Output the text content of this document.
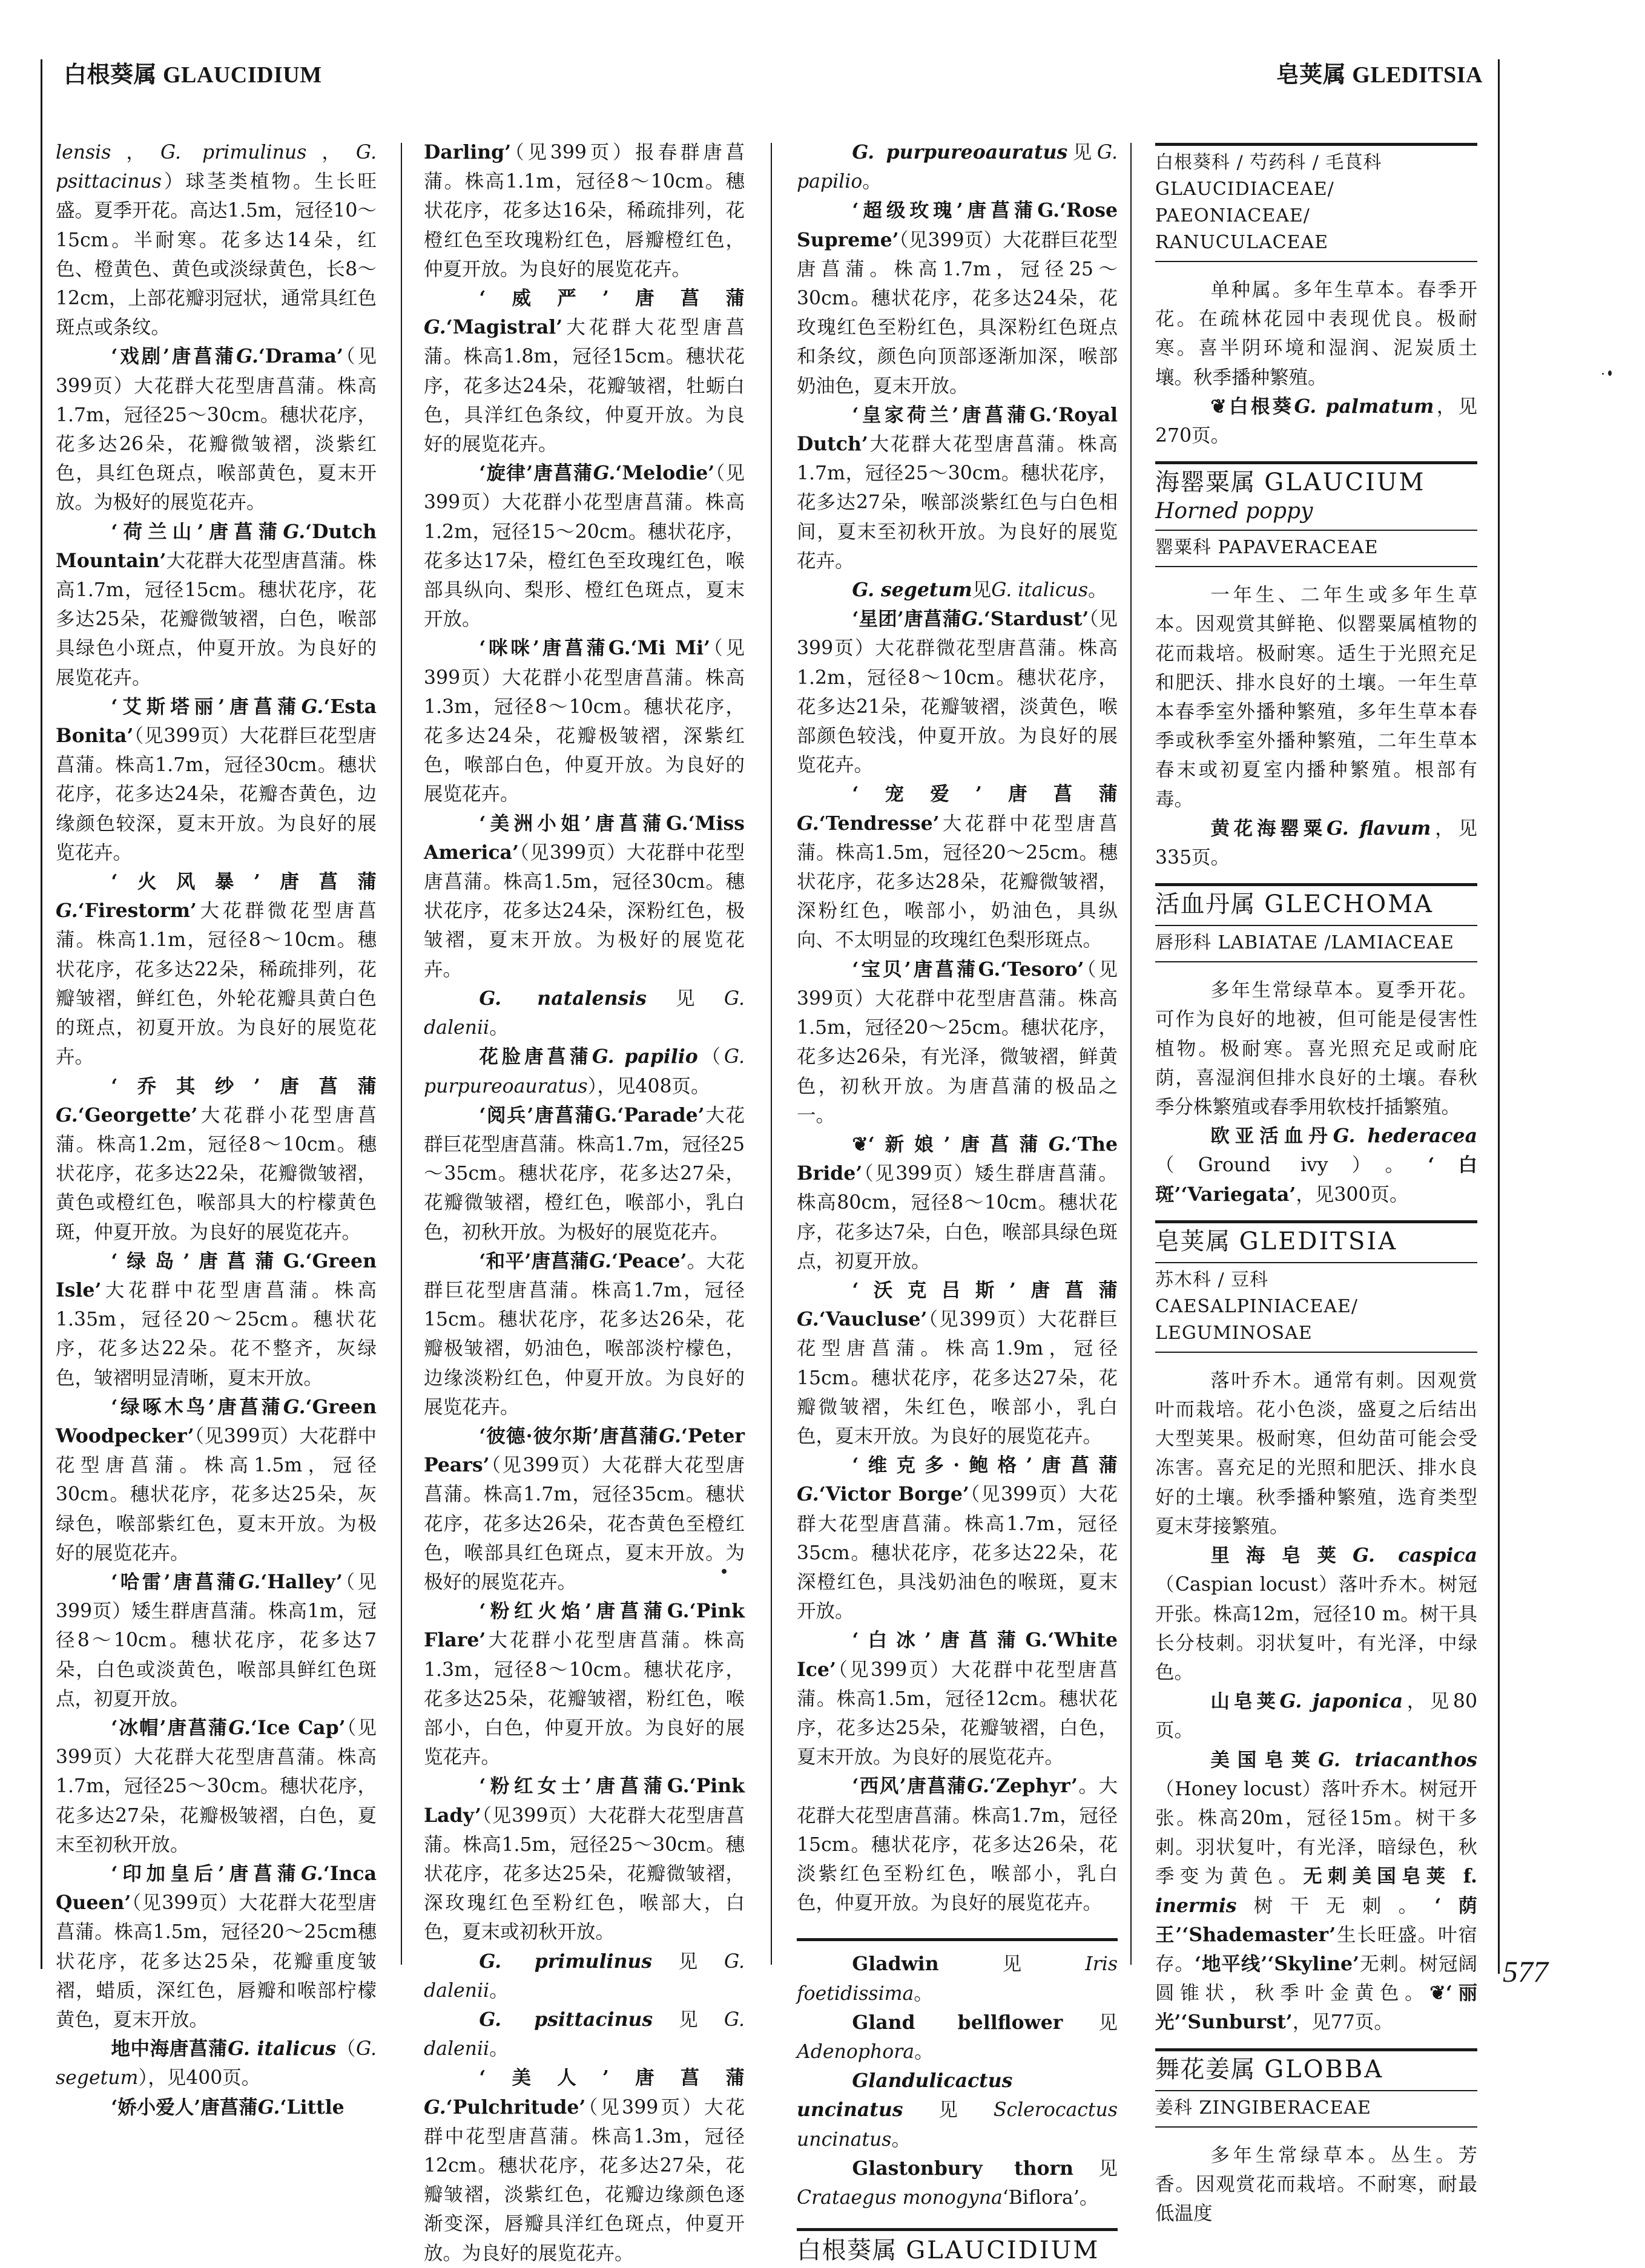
白根葵属 GLAUCIDIUM	皂荚属 GLEDITSIA

lensis，G. primulinus，G. psittacinus）球茎类植物。生长旺盛。夏季开花。高达1.5m，冠径10～15cm。半耐寒。花多达14朵，红色、橙黄色、黄色或淡绿黄色，长8～12cm，上部花瓣羽冠状，通常具红色斑点或条纹。

‘戏剧’唐菖蒲G.‘Drama’（见399页）大花群大花型唐菖蒲。株高1.7m，冠径25～30cm。穗状花序，花多达26朵，花瓣微皱褶，淡紫红色，具红色斑点，喉部黄色，夏末开放。为极好的展览花卉。

‘荷兰山’唐菖蒲G.‘Dutch Mountain’大花群大花型唐菖蒲。株高1.7m，冠径15cm。穗状花序，花多达25朵，花瓣微皱褶，白色，喉部具绿色小斑点，仲夏开放。为良好的展览花卉。

‘艾斯塔丽’唐菖蒲G.‘Esta Bonita’（见399页）大花群巨花型唐菖蒲。株高1.7m，冠径30cm。穗状花序，花多达24朵，花瓣杏黄色，边缘颜色较深，夏末开放。为良好的展览花卉。

‘火风暴’唐菖蒲G.‘Firestorm’大花群微花型唐菖蒲。株高1.1m，冠径8～10cm。穗状花序，花多达22朵，稀疏排列，花瓣皱褶，鲜红色，外轮花瓣具黄白色的斑点，初夏开放。为良好的展览花卉。

‘乔其纱’唐菖蒲G.‘Georgette’大花群小花型唐菖蒲。株高1.2m，冠径8～10cm。穗状花序，花多达22朵，花瓣微皱褶，黄色或橙红色，喉部具大的柠檬黄色斑，仲夏开放。为良好的展览花卉。

‘绿岛’唐菖蒲G.‘Green Isle’大花群中花型唐菖蒲。株高1.35m，冠径20～25cm。穗状花序，花多达22朵。花不整齐，灰绿色，皱褶明显清晰，夏末开放。

‘绿啄木鸟’唐菖蒲G.‘Green Woodpecker’（见399页）大花群中花型唐菖蒲。株高1.5m，冠径30cm。穗状花序，花多达25朵，灰绿色，喉部紫红色，夏末开放。为极好的展览花卉。

‘哈雷’唐菖蒲G.‘Halley’（见399页）矮生群唐菖蒲。株高1m，冠径8～10cm。穗状花序，花多达7朵，白色或淡黄色，喉部具鲜红色斑点，初夏开放。

‘冰帽’唐菖蒲G.‘Ice Cap’（见399页）大花群大花型唐菖蒲。株高1.7m，冠径25～30cm。穗状花序，花多达27朵，花瓣极皱褶，白色，夏末至初秋开放。

‘印加皇后’唐菖蒲G.‘Inca Queen’（见399页）大花群大花型唐菖蒲。株高1.5m，冠径20～25cm穗状花序，花多达25朵，花瓣重度皱褶，蜡质，深红色，唇瓣和喉部柠檬黄色，夏末开放。

地中海唐菖蒲G. italicus（G. segetum），见400页。

‘娇小爱人’唐菖蒲G.‘Little

Darling’（见399页）报春群唐菖蒲。株高1.1m，冠径8～10cm。穗状花序，花多达16朵，稀疏排列，花橙红色至玫瑰粉红色，唇瓣橙红色，仲夏开放。为良好的展览花卉。

‘威严’唐菖蒲G.‘Magistral’大花群大花型唐菖蒲。株高1.8m，冠径15cm。穗状花序，花多达24朵，花瓣皱褶，牡蛎白色，具洋红色条纹，仲夏开放。为良好的展览花卉。

‘旋律’唐菖蒲G.‘Melodie’（见399页）大花群小花型唐菖蒲。株高1.2m，冠径15～20cm。穗状花序，花多达17朵，橙红色至玫瑰红色，喉部具纵向、梨形、橙红色斑点，夏末开放。

‘咪咪’唐菖蒲G.‘Mi Mi’（见399页）大花群小花型唐菖蒲。株高1.3m，冠径8～10cm。穗状花序，花多达24朵，花瓣极皱褶，深紫红色，喉部白色，仲夏开放。为良好的展览花卉。

‘美洲小姐’唐菖蒲G.‘Miss America’（见399页）大花群中花型唐菖蒲。株高1.5m，冠径30cm。穗状花序，花多达24朵，深粉红色，极皱褶，夏末开放。为极好的展览花卉。

G. natalensis见G. dalenii。

花脸唐菖蒲G. papilio（G. purpureoauratus），见408页。

‘阅兵’唐菖蒲G.‘Parade’大花群巨花型唐菖蒲。株高1.7m，冠径25～35cm。穗状花序，花多达27朵，花瓣微皱褶，橙红色，喉部小，乳白色，初秋开放。为极好的展览花卉。

‘和平’唐菖蒲G.‘Peace’。大花群巨花型唐菖蒲。株高1.7m，冠径15cm。穗状花序，花多达26朵，花瓣极皱褶，奶油色，喉部淡柠檬色，边缘淡粉红色，仲夏开放。为良好的展览花卉。

‘彼德·彼尔斯’唐菖蒲G.‘Peter Pears’（见399页）大花群大花型唐菖蒲。株高1.7m，冠径35cm。穗状花序，花多达26朵，花杏黄色至橙红色，喉部具红色斑点，夏末开放。为极好的展览花卉。

‘粉红火焰’唐菖蒲G.‘Pink Flare’大花群小花型唐菖蒲。株高1.3m，冠径8～10cm。穗状花序，花多达25朵，花瓣皱褶，粉红色，喉部小，白色，仲夏开放。为良好的展览花卉。

‘粉红女士’唐菖蒲G.‘Pink Lady’（见399页）大花群大花型唐菖蒲。株高1.5m，冠径25～30cm。穗状花序，花多达25朵，花瓣微皱褶，深玫瑰红色至粉红色，喉部大，白色，夏末或初秋开放。

G. primulinus见G. dalenii。

G. psittacinus见G. dalenii。

‘美人’唐菖蒲G.‘Pulchritude’（见399页）大花群中花型唐菖蒲。株高1.3m，冠径12cm。穗状花序，花多达27朵，花瓣皱褶，淡紫红色，花瓣边缘颜色逐渐变深，唇瓣具洋红色斑点，仲夏开放。为良好的展览花卉。

G. purpureoauratus见G. papilio。

‘超级玫瑰’唐菖蒲G.‘Rose Supreme’（见399页）大花群巨花型唐菖蒲。株高1.7m，冠径25～30cm。穗状花序，花多达24朵，花玫瑰红色至粉红色，具深粉红色斑点和条纹，颜色向顶部逐渐加深，喉部奶油色，夏末开放。

‘皇家荷兰’唐菖蒲G.‘Royal Dutch’大花群大花型唐菖蒲。株高1.7m，冠径25～30cm。穗状花序，花多达27朵，喉部淡紫红色与白色相间，夏末至初秋开放。为良好的展览花卉。

G. segetum见G. italicus。

‘星团’唐菖蒲G.‘Stardust’（见399页）大花群微花型唐菖蒲。株高1.2m，冠径8～10cm。穗状花序，花多达21朵，花瓣皱褶，淡黄色，喉部颜色较浅，仲夏开放。为良好的展览花卉。

‘宠爱’唐菖蒲G.‘Tendresse’大花群中花型唐菖蒲。株高1.5m，冠径20～25cm。穗状花序，花多达28朵，花瓣微皱褶，深粉红色，喉部小，奶油色，具纵向、不太明显的玫瑰红色梨形斑点。

‘宝贝’唐菖蒲G.‘Tesoro’（见399页）大花群中花型唐菖蒲。株高1.5m，冠径20～25cm。穗状花序，花多达26朵，有光泽，微皱褶，鲜黄色，初秋开放。为唐菖蒲的极品之一。

❦‘新娘’唐菖蒲G.‘The Bride’（见399页）矮生群唐菖蒲。株高80cm，冠径8～10cm。穗状花序，花多达7朵，白色，喉部具绿色斑点，初夏开放。

‘沃克吕斯’唐菖蒲G.‘Vaucluse’（见399页）大花群巨花型唐菖蒲。株高1.9m，冠径15cm。穗状花序，花多达27朵，花瓣微皱褶，朱红色，喉部小，乳白色，夏末开放。为良好的展览花卉。

‘维克多·鲍格’唐菖蒲G.‘Victor Borge’（见399页）大花群大花型唐菖蒲。株高1.7m，冠径35cm。穗状花序，花多达22朵，花深橙红色，具浅奶油色的喉斑，夏末开放。

‘白冰’唐菖蒲G.‘White Ice’（见399页）大花群中花型唐菖蒲。株高1.5m，冠径12cm。穗状花序，花多达25朵，花瓣皱褶，白色，夏末开放。为良好的展览花卉。

‘西风’唐菖蒲G.‘Zephyr’。大花群大花型唐菖蒲。株高1.7m，冠径15cm。穗状花序，花多达26朵，花淡紫红色至粉红色，喉部小，乳白色，仲夏开放。为良好的展览花卉。

Gladwin见Iris foetidissima。

Gland bellflower见Adenophora。

Glandulicactus uncinatus见Sclerocactus uncinatus。

Glastonbury thorn见Crataegus monogyna‘Biflora’。

白根葵属 GLAUCIDIUM
白根葵科 / 芍药科 / 毛茛科
GLAUCIDIACEAE/
PAEONIACEAE/
RANUCULACEAE

单种属。多年生草本。春季开花。在疏林花园中表现优良。极耐寒。喜半阴环境和湿润、泥炭质土壤。秋季播种繁殖。

❦白根葵G. palmatum，见270页。

海罂粟属 GLAUCIUM
Horned poppy
罂粟科 PAPAVERACEAE

一年生、二年生或多年生草本。因观赏其鲜艳、似罂粟属植物的花而栽培。极耐寒。适生于光照充足和肥沃、排水良好的土壤。一年生草本春季室外播种繁殖，多年生草本春季或秋季室外播种繁殖，二年生草本春末或初夏室内播种繁殖。根部有毒。

黄花海罂粟G. flavum，见335页。

活血丹属 GLECHOMA
唇形科 LABIATAE /LAMIACEAE

多年生常绿草本。夏季开花。可作为良好的地被，但可能是侵害性植物。极耐寒。喜光照充足或耐庇荫，喜湿润但排水良好的土壤。春秋季分株繁殖或春季用软枝扦插繁殖。

欧亚活血丹G. hederacea（Ground ivy）。‘白斑’‘Variegata’，见300页。

皂荚属 GLEDITSIA
苏木科 / 豆科
CAESALPINIACEAE/
LEGUMINOSAE

落叶乔木。通常有刺。因观赏叶而栽培。花小色淡，盛夏之后结出大型荚果。极耐寒，但幼苗可能会受冻害。喜充足的光照和肥沃、排水良好的土壤。秋季播种繁殖，选育类型夏末芽接繁殖。

里海皂荚G. caspica（Caspian locust）落叶乔木。树冠开张。株高12m，冠径10 m。树干具长分枝刺。羽状复叶，有光泽，中绿色。

山皂荚G. japonica，见80页。

美国皂荚G. triacanthos（Honey locust）落叶乔木。树冠开张。株高20m，冠径15m。树干多刺。羽状复叶，有光泽，暗绿色，秋季变为黄色。无刺美国皂荚 f. inermis树干无刺。‘荫王’‘Shademaster’生长旺盛。叶宿存。‘地平线’‘Skyline’无刺。树冠阔圆锥状，秋季叶金黄色。❦‘丽光’‘Sunburst’，见77页。

舞花姜属 GLOBBA
姜科 ZINGIBERACEAE

多年生常绿草本。丛生。芳香。因观赏花而栽培。不耐寒，耐最低温度

577
